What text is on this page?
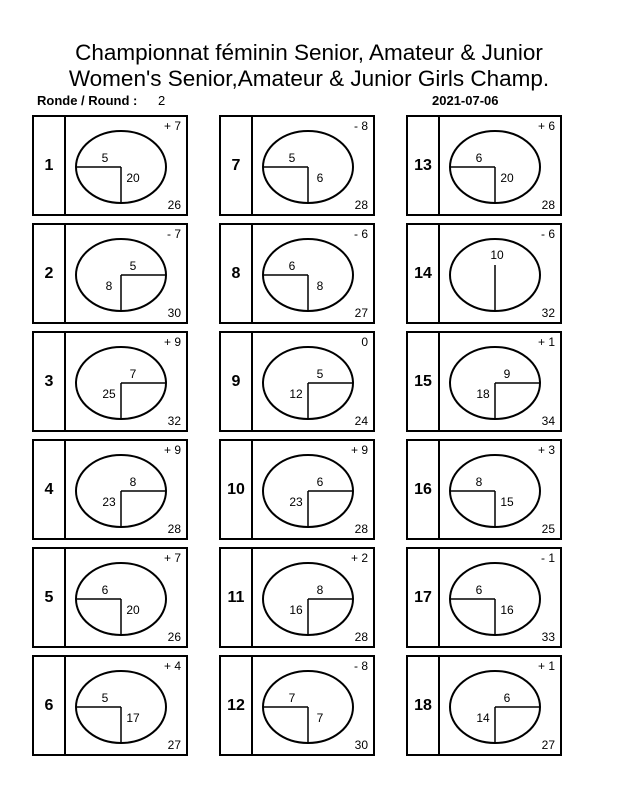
Championnat féminin Senior, Amateur & Junior
Women's Senior,Amateur & Junior Girls Champ.
Ronde / Round : 2	2021-07-06
1	5
20
+ 7
26
2	5
8
- 7
30
3	7
25
+ 9
32
4	8
23
+ 9
28
5	6
20
+ 7
26
6	5
17
+ 4
27
7	5
6
- 8
28
8	6
8
- 6
27
9	5
12
0
24
10	6
23
+ 9
28
11	8
16
+ 2
28
12	7
7
- 8
30
13	6
20
+ 6
28
14
10
- 6
32
15	9
18
+ 1
34
16	8
15
+ 3
25
17	6
16
- 1
33
18	6
14
+ 1
27
